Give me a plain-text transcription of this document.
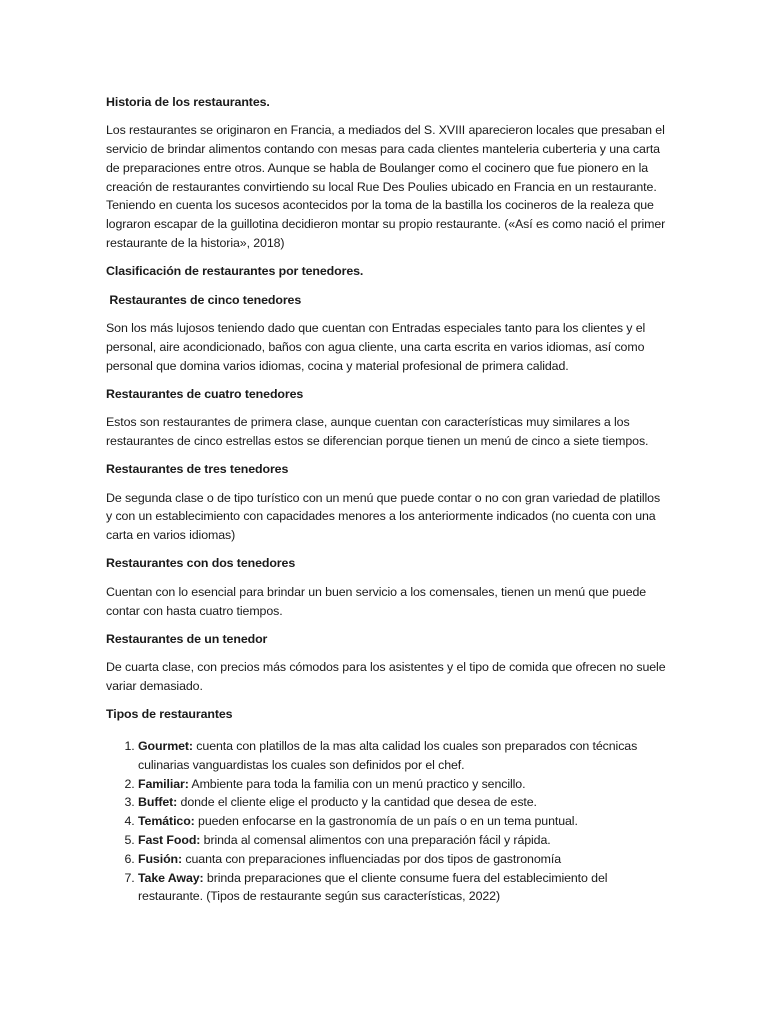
Historia de los restaurantes.

Los restaurantes se originaron en Francia, a mediados del S. XVIII aparecieron locales que presaban el servicio de brindar alimentos contando con mesas para cada clientes manteleria cuberteria y una carta de preparaciones entre otros. Aunque se habla de Boulanger como el cocinero que fue pionero en la creación de restaurantes convirtiendo su local Rue Des Poulies ubicado en Francia en un restaurante. Teniendo en cuenta los sucesos acontecidos por la toma de la bastilla los cocineros de la realeza que lograron escapar de la guillotina decidieron montar su propio restaurante. («Así es como nació el primer restaurante de la historia», 2018)

Clasificación de restaurantes por tenedores.

Restaurantes de cinco tenedores

Son los más lujosos teniendo dado que cuentan con Entradas especiales tanto para los clientes y el personal, aire acondicionado, baños con agua cliente, una carta escrita en varios idiomas, así como personal que domina varios idiomas, cocina y material profesional de primera calidad.

Restaurantes de cuatro tenedores

Estos son restaurantes de primera clase, aunque cuentan con características muy similares a los restaurantes de cinco estrellas estos se diferencian porque tienen un menú de cinco a siete tiempos.

Restaurantes de tres tenedores

De segunda clase o de tipo turístico con un menú que puede contar o no con gran variedad de platillos y con un establecimiento con capacidades menores a los anteriormente indicados (no cuenta con una carta en varios idiomas)

Restaurantes con dos tenedores

Cuentan con lo esencial para brindar un buen servicio a los comensales, tienen un menú que puede contar con hasta cuatro tiempos.

Restaurantes de un tenedor

De cuarta clase, con precios más cómodos para los asistentes y el tipo de comida que ofrecen no suele variar demasiado.

Tipos de restaurantes

1. Gourmet: cuenta con platillos de la mas alta calidad los cuales son preparados con técnicas culinarias vanguardistas los cuales son definidos por el chef.
2. Familiar: Ambiente para toda la familia con un menú practico y sencillo.
3. Buffet: donde el cliente elige el producto y la cantidad que desea de este.
4. Temático: pueden enfocarse en la gastronomía de un país o en un tema puntual.
5. Fast Food: brinda al comensal alimentos con una preparación fácil y rápida.
6. Fusión: cuanta con preparaciones influenciadas por dos tipos de gastronomía
7. Take Away: brinda preparaciones que el cliente consume fuera del establecimiento del restaurante. (Tipos de restaurante según sus características, 2022)
